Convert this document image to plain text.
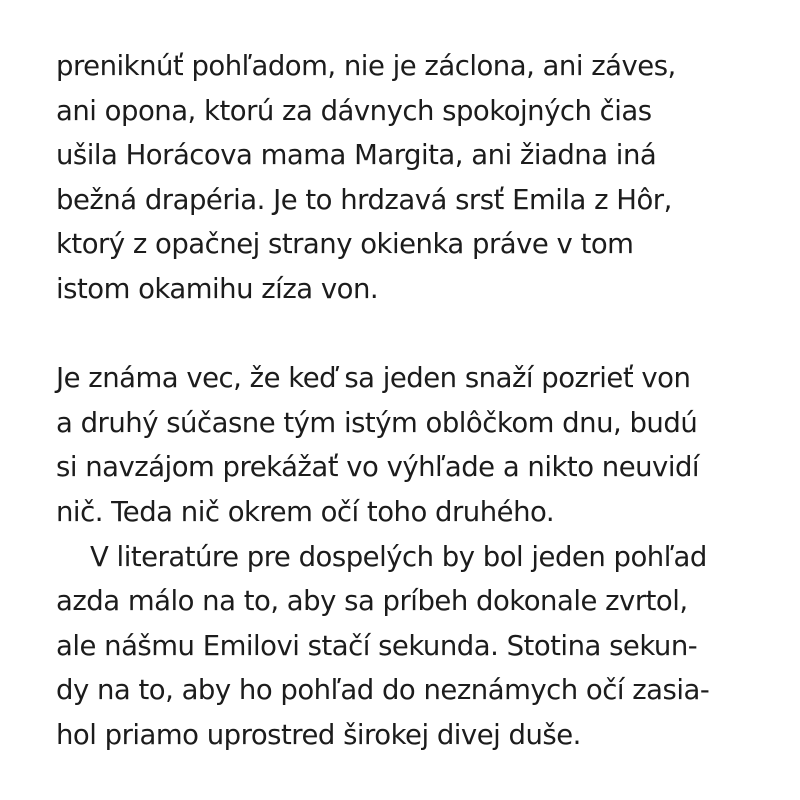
preniknúť pohľadom, nie je záclona, ani záves,
ani opona, ktorú za dávnych spokojných čias
ušila Horácova mama Margita, ani žiadna iná
bežná drapéria. Je to hrdzavá srsť Emila z Hôr,
ktorý z opačnej strany okienka práve v tom
istom okamihu zíza von.
Je známa vec, že keď sa jeden snaží pozrieť von
a druhý súčasne tým istým oblôčkom dnu, budú
si navzájom prekážať vo výhľade a nikto neuvidí
nič. Teda nič okrem očí toho druhého.
V literatúre pre dospelých by bol jeden pohľad
azda málo na to, aby sa príbeh dokonale zvrtol,
ale nášmu Emilovi stačí sekunda. Stotina sekun-
dy na to, aby ho pohľad do neznámych očí zasia-
hol priamo uprostred širokej divej duše.
